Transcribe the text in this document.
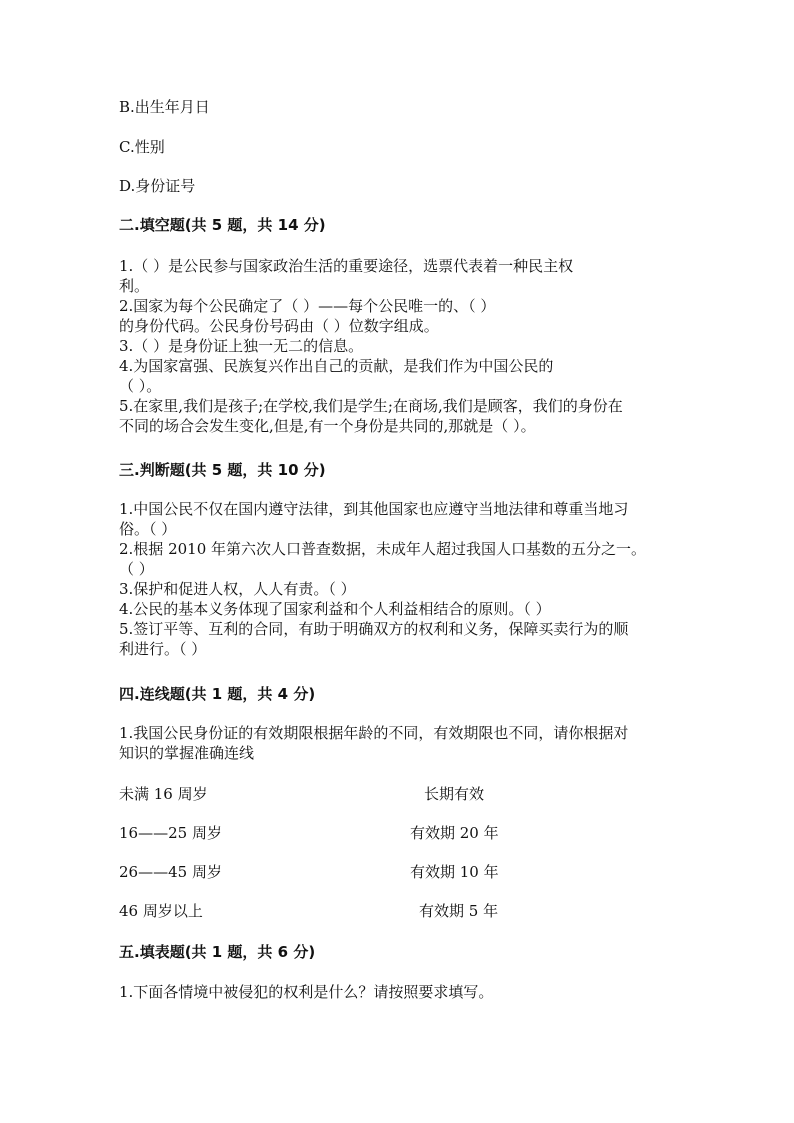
B.出生年月日
C.性别
D.身份证号
二.填空题(共 5 题，共 14 分)
1.（ ）是公民参与国家政治生活的重要途径，选票代表着一种民主权
利。
2.国家为每个公民确定了（ ）——每个公民唯一的、（ ）
的身份代码。公民身份号码由（ ）位数字组成。
3.（ ）是身份证上独一无二的信息。
4.为国家富强、民族复兴作出自己的贡献，是我们作为中国公民的
（ ）。
5.在家里,我们是孩子;在学校,我们是学生;在商场,我们是顾客，我们的身份在
不同的场合会发生变化,但是,有一个身份是共同的,那就是（ ）。
三.判断题(共 5 题，共 10 分)
1.中国公民不仅在国内遵守法律，到其他国家也应遵守当地法律和尊重当地习
俗。（ ）
2.根据 2010 年第六次人口普查数据，未成年人超过我国人口基数的五分之一。
（ ）
3.保护和促进人权，人人有责。（ ）
4.公民的基本义务体现了国家利益和个人利益相结合的原则。（ ）
5.签订平等、互利的合同，有助于明确双方的权利和义务，保障买卖行为的顺
利进行。（ ）
四.连线题(共 1 题，共 4 分)
1.我国公民身份证的有效期限根据年龄的不同，有效期限也不同，请你根据对
知识的掌握准确连线
未满 16 周岁	长期有效
16——25 周岁	有效期 20 年
26——45 周岁	有效期 10 年
46 周岁以上	有效期 5 年
五.填表题(共 1 题，共 6 分)
1.下面各情境中被侵犯的权利是什么？请按照要求填写。
